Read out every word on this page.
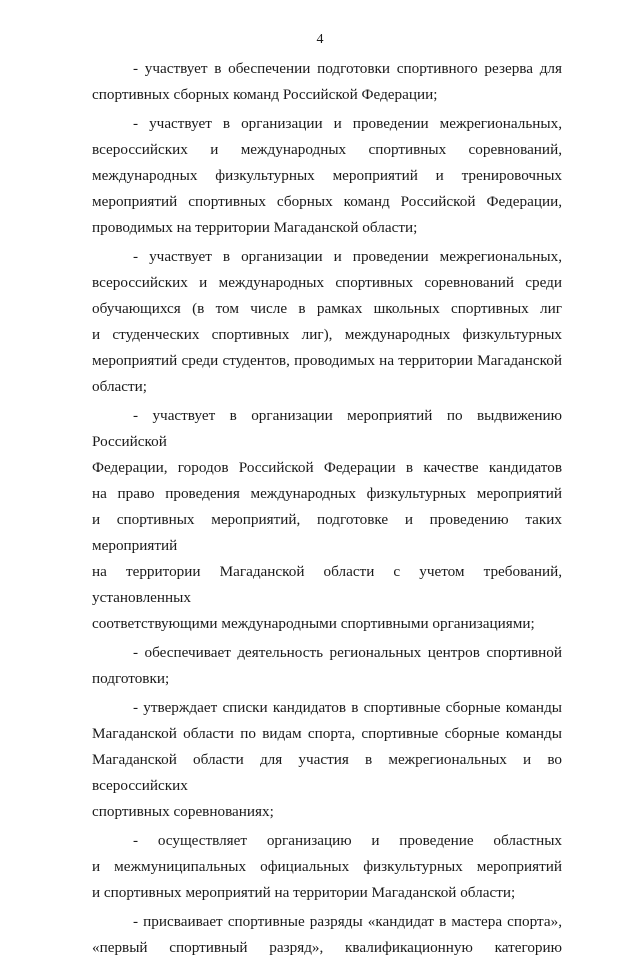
4

- участвует в обеспечении подготовки спортивного резерва для
спортивных сборных команд Российской Федерации;

- участвует в организации и проведении межрегиональных,
всероссийских и международных спортивных соревнований,
международных физкультурных мероприятий и тренировочных
мероприятий спортивных сборных команд Российской Федерации,
проводимых на территории Магаданской области;

- участвует в организации и проведении межрегиональных,
всероссийских и международных спортивных соревнований среди
обучающихся (в том числе в рамках школьных спортивных лиг
и студенческих спортивных лиг), международных физкультурных
мероприятий среди студентов, проводимых на территории Магаданской
области;

- участвует в организации мероприятий по выдвижению Российской
Федерации, городов Российской Федерации в качестве кандидатов
на право проведения международных физкультурных мероприятий
и спортивных мероприятий, подготовке и проведению таких мероприятий
на территории Магаданской области с учетом требований, установленных
соответствующими международными спортивными организациями;

- обеспечивает деятельность региональных центров спортивной
подготовки;

- утверждает списки кандидатов в спортивные сборные команды
Магаданской области по видам спорта, спортивные сборные команды
Магаданской области для участия в межрегиональных и во всероссийских
спортивных соревнованиях;

- осуществляет организацию и проведение областных
и межмуниципальных официальных физкультурных мероприятий
и спортивных мероприятий на территории Магаданской области;

- присваивает спортивные разряды «кандидат в мастера спорта»,
«первый спортивный разряд», квалификационную категорию
